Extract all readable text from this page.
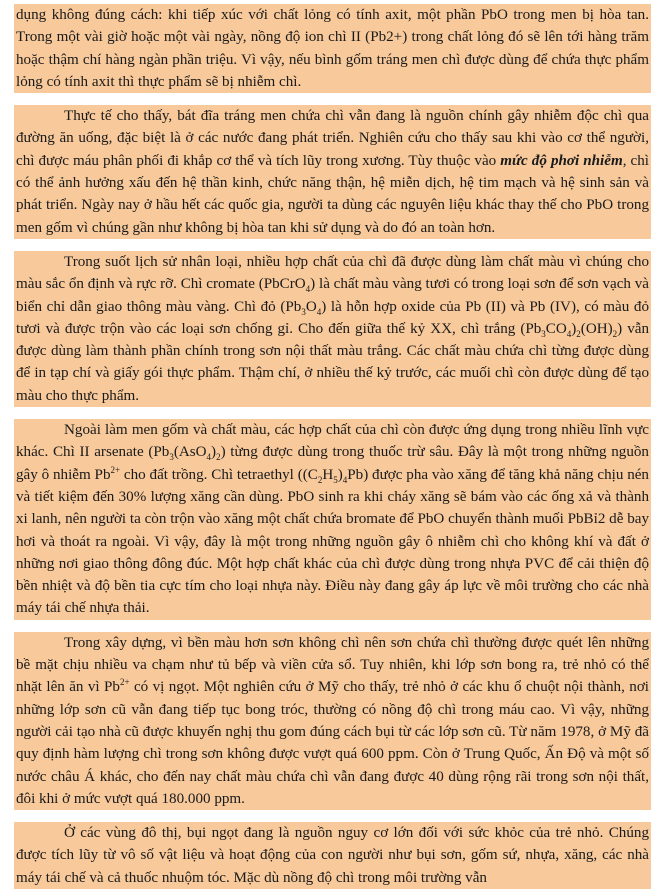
dụng không đúng cách: khi tiếp xúc với chất lỏng có tính axit, một phần PbO trong men bị hòa tan. Trong một vài giờ hoặc một vài ngày, nồng độ ion chì II (Pb2+) trong chất lỏng đó sẽ lên tới hàng trăm hoặc thậm chí hàng ngàn phần triệu. Vì vậy, nếu bình gốm tráng men chì được dùng để chứa thực phẩm lỏng có tính axit thì thực phẩm sẽ bị nhiễm chì.

Thực tế cho thấy, bát đĩa tráng men chứa chì vẫn đang là nguồn chính gây nhiễm độc chì qua đường ăn uống, đặc biệt là ở các nước đang phát triển. Nghiên cứu cho thấy sau khi vào cơ thể người, chì được máu phân phối đi khắp cơ thể và tích lũy trong xương. Tùy thuộc vào mức độ phơi nhiễm, chì có thể ảnh hưởng xấu đến hệ thần kinh, chức năng thận, hệ miễn dịch, hệ tim mạch và hệ sinh sản và phát triển. Ngày nay ở hầu hết các quốc gia, người ta dùng các nguyên liệu khác thay thế cho PbO trong men gốm vì chúng gần như không bị hòa tan khi sử dụng và do đó an toàn hơn.

Trong suốt lịch sử nhân loại, nhiều hợp chất của chì đã được dùng làm chất màu vì chúng cho màu sắc ổn định và rực rỡ. Chì cromate (PbCrO$_4$) là chất màu vàng tươi có trong loại sơn để sơn vạch và biển chỉ dẫn giao thông màu vàng. Chì đỏ $(Pb_3O_4)$ là hỗn hợp oxide của Pb (II) và Pb (IV), có màu đỏ tươi và được trộn vào các loại sơn chống gỉ. Cho đến giữa thế kỷ XX, chì trắng $(Pb_3CO_4)_2(OH)_2$) vẫn được dùng làm thành phần chính trong sơn nội thất màu trắng. Các chất màu chứa chì từng được dùng để in tạp chí và giấy gói thực phẩm. Thậm chí, ở nhiều thế kỷ trước, các muối chì còn được dùng để tạo màu cho thực phẩm.

Ngoài làm men gốm và chất màu, các hợp chất của chì còn được ứng dụng trong nhiều lĩnh vực khác. Chì II arsenate $(Pb_3(AsO_4)_2)$ từng được dùng trong thuốc trừ sâu. Đây là một trong những nguồn gây ô nhiễm $Pb^{2+}$ cho đất trồng. Chì tetraethyl $((C_2H_5)_4Pb)$ được pha vào xăng để tăng khả năng chịu nén và tiết kiệm đến 30% lượng xăng cần dùng. PbO sinh ra khi cháy xăng sẽ bám vào các ống xả và thành xi lanh, nên người ta còn trộn vào xăng một chất chứa bromate để PbO chuyển thành muối PbBỉ2 dễ bay hơi và thoát ra ngoài. Vì vậy, đây là một trong những nguồn gây ô nhiễm chì cho không khí và đất ở những nơi giao thông đông đúc. Một hợp chất khác của chì được dùng trong nhựa PVC để cải thiện độ bền nhiệt và độ bền tia cực tím cho loại nhựa này. Điều này đang gây áp lực về môi trường cho các nhà máy tái chế nhựa thải.

Trong xây dựng, vì bền màu hơn sơn không chì nên sơn chứa chì thường được quét lên những bề mặt chịu nhiều va chạm như tủ bếp và viền cửa sổ. Tuy nhiên, khi lớp sơn bong ra, trẻ nhỏ có thể nhặt lên ăn vì $Pb^{2+}$ có vị ngọt. Một nghiên cứu ở Mỹ cho thấy, trẻ nhỏ ở các khu ổ chuột nội thành, nơi những lớp sơn cũ vẫn đang tiếp tục bong tróc, thường có nồng độ chì trong máu cao. Vì vậy, những người cải tạo nhà cũ được khuyến nghị thu gom đúng cách bụi từ các lớp sơn cũ. Từ năm 1978, ở Mỹ đã quy định hàm lượng chì trong sơn không được vượt quá 600 ppm. Còn ở Trung Quốc, Ấn Độ và một số nước châu Á khác, cho đến nay chất màu chứa chì vẫn đang được 40 dùng rộng rãi trong sơn nội thất, đôi khi ở mức vượt quá 180.000 ppm.

Ở các vùng đô thị, bụi ngọt đang là nguồn nguy cơ lớn đối với sức khỏc của trẻ nhỏ. Chúng được tích lũy từ vô số vật liệu và hoạt động của con người như bụi sơn, gốm sứ, nhựa, xăng, các nhà máy tái chế và cả thuốc nhuộm tóc. Mặc dù nồng độ chì trong môi trường vẫn
